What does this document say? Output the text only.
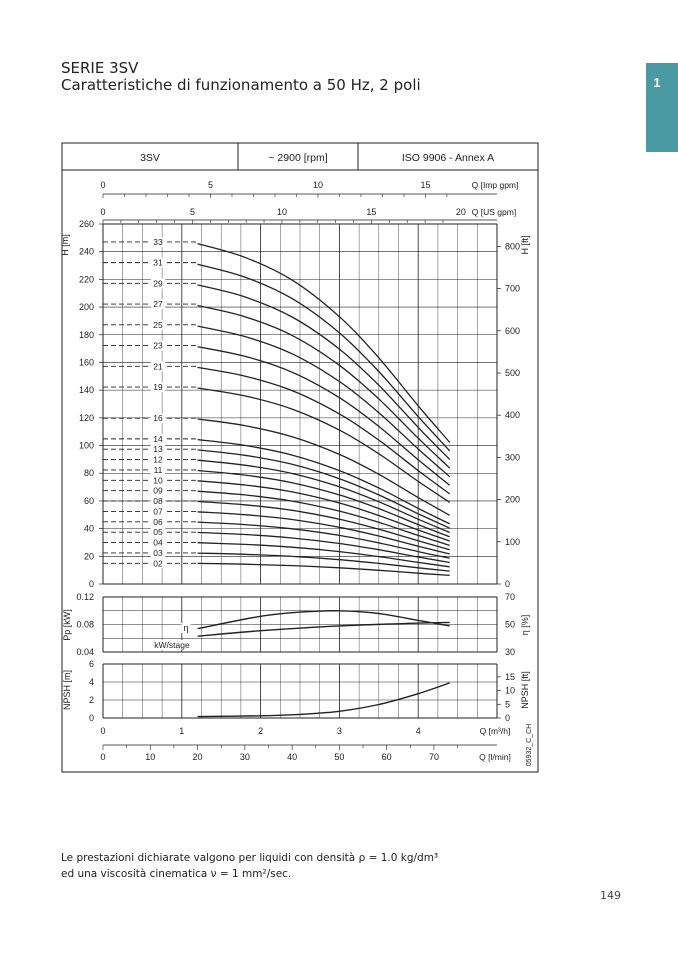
SERIE 3SV
Caratteristiche di funzionamento a 50 Hz, 2 poli	1
3SV	~ 2900 [rpm]	ISO 9906 - Annex A
0	5	10	15	Q [Imp gpm]
0	5	10	15	20 Q [US gpm]
0
20
40
60
80
100
120
140
160
180
200
220
240
260
H [m]
0
100
200
300
400
500
600
700
800 H [ft]
02
03
04
05
06
07
08
09
10
11
12
13
14
16
19
21
23
25
27
29
31
33
0.04
0.08
0.12
Pp [kW]
30
50
70
η [%]
η
kW/stage
0
2
4
6
NPSH [m]
0
5
10
15 NPSH [ft]
0	1	2	3	4	Q [m³/h]
0	10	20	30	40	50	60	70	Q [l/min] 05932_C_CH
Le prestazioni dichiarate valgono per liquidi con densità ρ = 1.0 kg/dm³
ed una viscosità cinematica ν = 1 mm²/sec.
149
